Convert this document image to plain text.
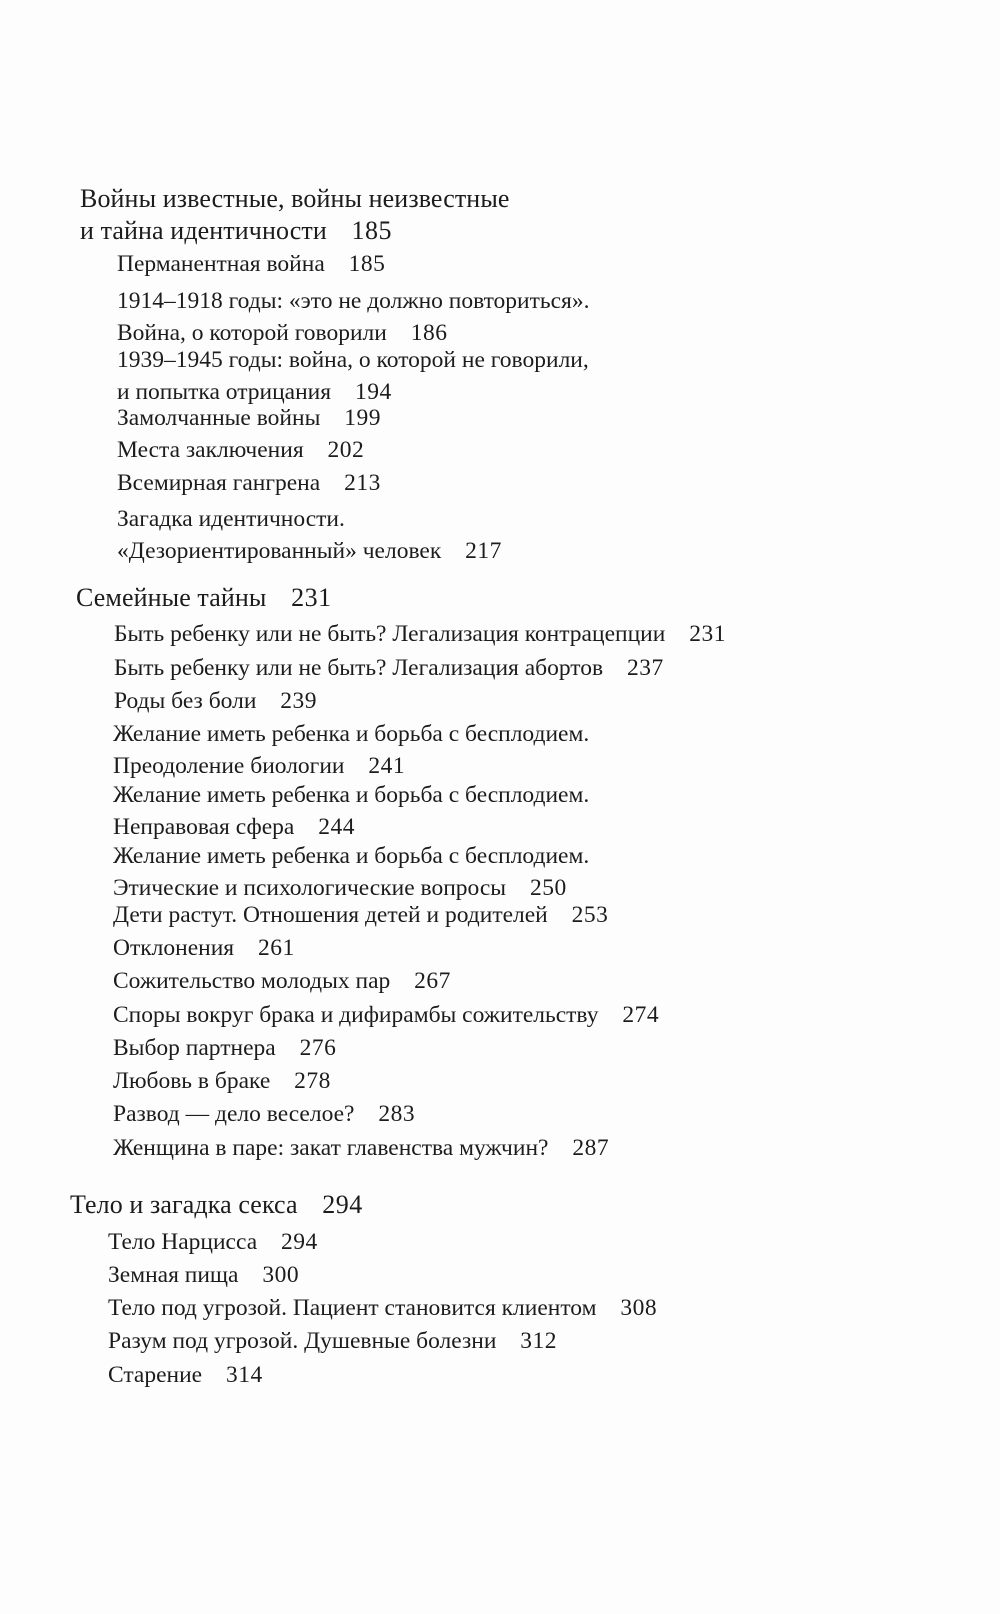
Войны известные, войны неизвестные
и тайна идентичности 185
Перманентная война 185
1914–1918 годы: «это не должно повториться».
Война, о которой говорили 186
1939–1945 годы: война, о которой не говорили,
и попытка отрицания 194
Замолчанные войны 199
Места заключения 202
Всемирная гангрена 213
Загадка идентичности.
«Дезориентированный» человек 217
Семейные тайны 231
Быть ребенку или не быть? Легализация контрацепции 231
Быть ребенку или не быть? Легализация абортов 237
Роды без боли 239
Желание иметь ребенка и борьба с бесплодием.
Преодоление биологии 241
Желание иметь ребенка и борьба с бесплодием.
Неправовая сфера 244
Желание иметь ребенка и борьба с бесплодием.
Этические и психологические вопросы 250
Дети растут. Отношения детей и родителей 253
Отклонения 261
Сожительство молодых пар 267
Споры вокруг брака и дифирамбы сожительству 274
Выбор партнера 276
Любовь в браке 278
Развод — дело веселое? 283
Женщина в паре: закат главенства мужчин? 287
Тело и загадка секса 294
Тело Нарцисса 294
Земная пища 300
Тело под угрозой. Пациент становится клиентом 308
Разум под угрозой. Душевные болезни 312
Старение 314
